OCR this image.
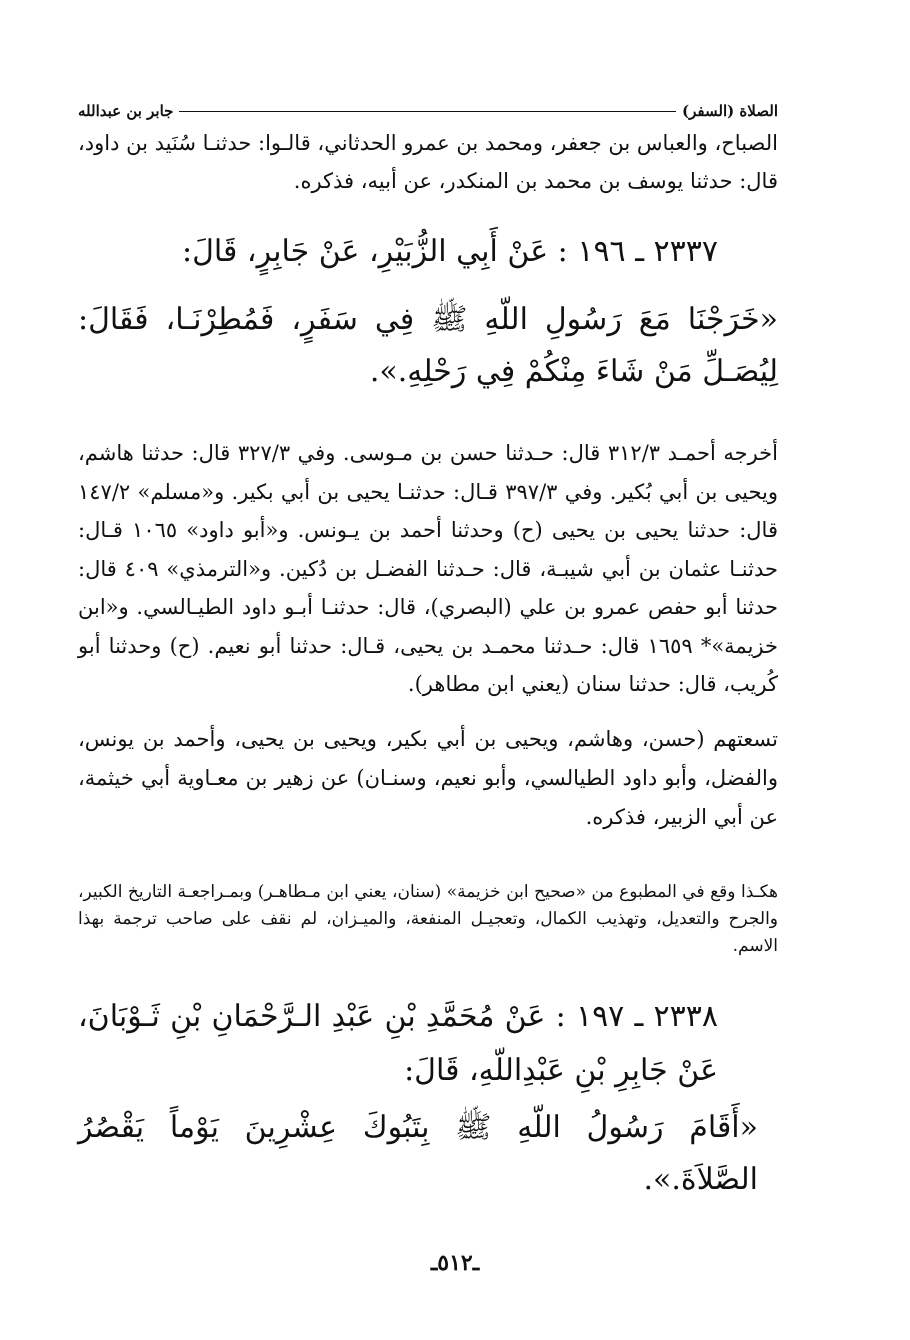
الصلاة (السفر)
جابر بن عبدالله

الصباح، والعباس بن جعفر، ومحمد بن عمرو الحدثاني، قالـوا: حدثنـا سُنَيد بن داود، قال: حدثنا يوسف بن محمد بن المنكدر، عن أبيه، فذكره.

٢٣٣٧ ـ ١٩٦ : عَنْ أَبِي الزُّبَيْرِ، عَنْ جَابِرٍ، قَالَ:

«خَرَجْنَا مَعَ رَسُولِ اللّهِ ﷺ فِي سَفَرٍ، فَمُطِرْنَـا، فَقَالَ: لِيُصَـلِّ مَنْ شَاءَ مِنْكُمْ فِي رَحْلِهِ.».

أخرجه أحمـد ٣١٢/٣ قال: حـدثنا حسن بن مـوسى. وفي ٣٢٧/٣ قال: حدثنا هاشم، ويحيى بن أبي بُكير. وفي ٣٩٧/٣ قـال: حدثنـا يحيى بن أبي بكير. و«مسلم» ١٤٧/٢ قال: حدثنا يحيى بن يحيى (ح) وحدثنا أحمد بن يـونس. و«أبو داود» ١٠٦٥ قـال: حدثنـا عثمان بن أبي شيبـة، قال: حـدثنا الفضـل بن دُكين. و«الترمذي» ٤٠٩ قال: حدثنا أبو حفص عمرو بن علي (البصري)، قال: حدثنـا أبـو داود الطيـالسي. و«ابن خزيمة»* ١٦٥٩ قال: حـدثنا محمـد بن يحيى، قـال: حدثنا أبو نعيم. (ح) وحدثنا أبو كُريب، قال: حدثنا سنان (يعني ابن مطاهر).

تسعتهم (حسن، وهاشم، ويحيى بن أبي بكير، ويحيى بن يحيى، وأحمد بن يونس، والفضل، وأبو داود الطيالسي، وأبو نعيم، وسنـان) عن زهير بن معـاوية أبي خيثمة، عن أبي الزبير، فذكره.

هكـذا وقع في المطبوع من «صحيح ابن خزيمة» (سنان، يعني ابن مـطاهـر) وبمـراجعـة التاريخ الكبير، والجرح والتعديل، وتهذيب الكمال، وتعجيـل المنفعة، والميـزان، لم نقف على صاحب ترجمة بهذا الاسم.

٢٣٣٨ ـ ١٩٧ : عَنْ مُحَمَّدِ بْنِ عَبْدِ الـرَّحْمَانِ بْنِ ثَـوْبَانَ، عَنْ جَابِرِ بْنِ عَبْدِاللّهِ، قَالَ:

«أَقَامَ رَسُولُ اللّهِ ﷺ بِتَبُوكَ عِشْرِينَ يَوْماً يَقْصُرُ الصَّلاَةَ.».

ـ٥١٢ـ
